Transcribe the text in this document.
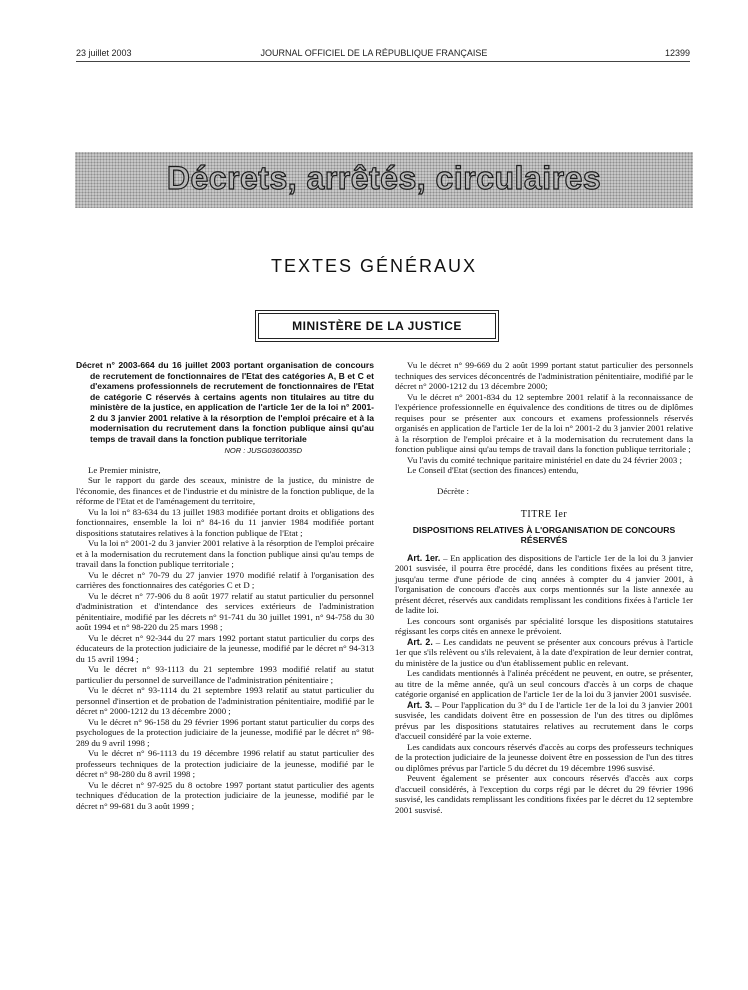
23 juillet 2003	JOURNAL OFFICIEL DE LA RÉPUBLIQUE FRANÇAISE	12399
Décrets, arrêtés, circulaires
TEXTES GÉNÉRAUX
MINISTÈRE DE LA JUSTICE

Décret n° 2003-664 du 16 juillet 2003 portant organisation de concours de recrutement de fonctionnaires de l'Etat des catégories A, B et C et d'examens professionnels de recrutement de fonctionnaires de l'Etat de catégorie C réservés à certains agents non titulaires au titre du ministère de la justice, en application de l'article 1er de la loi n° 2001-2 du 3 janvier 2001 relative à la résorption de l'emploi précaire et à la modernisation du recrutement dans la fonction publique ainsi qu'au temps de travail dans la fonction publique territoriale

NOR : JUSG0360035D

Le Premier ministre,

Sur le rapport du garde des sceaux, ministre de la justice, du ministre de l'économie, des finances et de l'industrie et du ministre de la fonction publique, de la réforme de l'Etat et de l'aménagement du territoire,

Vu la loi n° 83-634 du 13 juillet 1983 modifiée portant droits et obligations des fonctionnaires, ensemble la loi n° 84-16 du 11 janvier 1984 modifiée portant dispositions statutaires relatives à la fonction publique de l'Etat ;

Vu la loi n° 2001-2 du 3 janvier 2001 relative à la résorption de l'emploi précaire et à la modernisation du recrutement dans la fonction publique ainsi qu'au temps de travail dans la fonction publique territoriale ;

Vu le décret n° 70-79 du 27 janvier 1970 modifié relatif à l'organisation des carrières des fonctionnaires des catégories C et D ;

Vu le décret n° 77-906 du 8 août 1977 relatif au statut particulier du personnel d'administration et d'intendance des services extérieurs de l'administration pénitentiaire, modifié par les décrets n° 91-741 du 30 juillet 1991, n° 94-758 du 30 août 1994 et n° 98-220 du 25 mars 1998 ;

Vu le décret n° 92-344 du 27 mars 1992 portant statut particulier du corps des éducateurs de la protection judiciaire de la jeunesse, modifié par le décret n° 94-313 du 15 avril 1994 ;

Vu le décret n° 93-1113 du 21 septembre 1993 modifié relatif au statut particulier du personnel de surveillance de l'administration pénitentiaire ;

Vu le décret n° 93-1114 du 21 septembre 1993 relatif au statut particulier du personnel d'insertion et de probation de l'administration pénitentiaire, modifié par le décret n° 2000-1212 du 13 décembre 2000 ;

Vu le décret n° 96-158 du 29 février 1996 portant statut particulier du corps des psychologues de la protection judiciaire de la jeunesse, modifié par le décret n° 98-289 du 9 avril 1998 ;

Vu le décret n° 96-1113 du 19 décembre 1996 relatif au statut particulier des professeurs techniques de la protection judiciaire de la jeunesse, modifié par le décret n° 98-280 du 8 avril 1998 ;

Vu le décret n° 97-925 du 8 octobre 1997 portant statut particulier des agents techniques d'éducation de la protection judiciaire de la jeunesse, modifié par le décret n° 99-681 du 3 août 1999 ;

Vu le décret n° 99-669 du 2 août 1999 portant statut particulier des personnels techniques des services déconcentrés de l'administration pénitentiaire, modifié par le décret n° 2000-1212 du 13 décembre 2000;

Vu le décret n° 2001-834 du 12 septembre 2001 relatif à la reconnaissance de l'expérience professionnelle en équivalence des conditions de titres ou de diplômes requises pour se présenter aux concours et examens professionnels réservés organisés en application de l'article 1er de la loi n° 2001-2 du 3 janvier 2001 relative à la résorption de l'emploi précaire et à la modernisation du recrutement dans la fonction publique ainsi qu'au temps de travail dans la fonction publique territoriale ;

Vu l'avis du comité technique paritaire ministériel en date du 24 février 2003 ;

Le Conseil d'Etat (section des finances) entendu,

Décrète :

TITRE Ier

DISPOSITIONS RELATIVES À L'ORGANISATION DE CONCOURS RÉSERVÉS

Art. 1er. – En application des dispositions de l'article 1er de la loi du 3 janvier 2001 susvisée, il pourra être procédé, dans les conditions fixées au présent titre, jusqu'au terme d'une période de cinq années à compter du 4 janvier 2001, à l'organisation de concours d'accès aux corps mentionnés sur la liste annexée au présent décret, réservés aux candidats remplissant les conditions fixées à l'article 1er de ladite loi.

Les concours sont organisés par spécialité lorsque les dispositions statutaires régissant les corps cités en annexe le prévoient.

Art. 2. – Les candidats ne peuvent se présenter aux concours prévus à l'article 1er que s'ils relèvent ou s'ils relevaient, à la date d'expiration de leur dernier contrat, du ministère de la justice ou d'un établissement public en relevant.

Les candidats mentionnés à l'alinéa précédent ne peuvent, en outre, se présenter, au titre de la même année, qu'à un seul concours d'accès à un corps de chaque catégorie organisé en application de l'article 1er de la loi du 3 janvier 2001 susvisée.

Art. 3. – Pour l'application du 3° du I de l'article 1er de la loi du 3 janvier 2001 susvisée, les candidats doivent être en possession de l'un des titres ou diplômes prévus par les dispositions statutaires relatives au recrutement dans le corps d'accueil considéré par la voie externe.

Les candidats aux concours réservés d'accès au corps des professeurs techniques de la protection judiciaire de la jeunesse doivent être en possession de l'un des titres ou diplômes prévus par l'article 5 du décret du 19 décembre 1996 susvisé.

Peuvent également se présenter aux concours réservés d'accès aux corps d'accueil considérés, à l'exception du corps régi par le décret du 29 février 1996 susvisé, les candidats remplissant les conditions fixées par le décret du 12 septembre 2001 susvisé.
